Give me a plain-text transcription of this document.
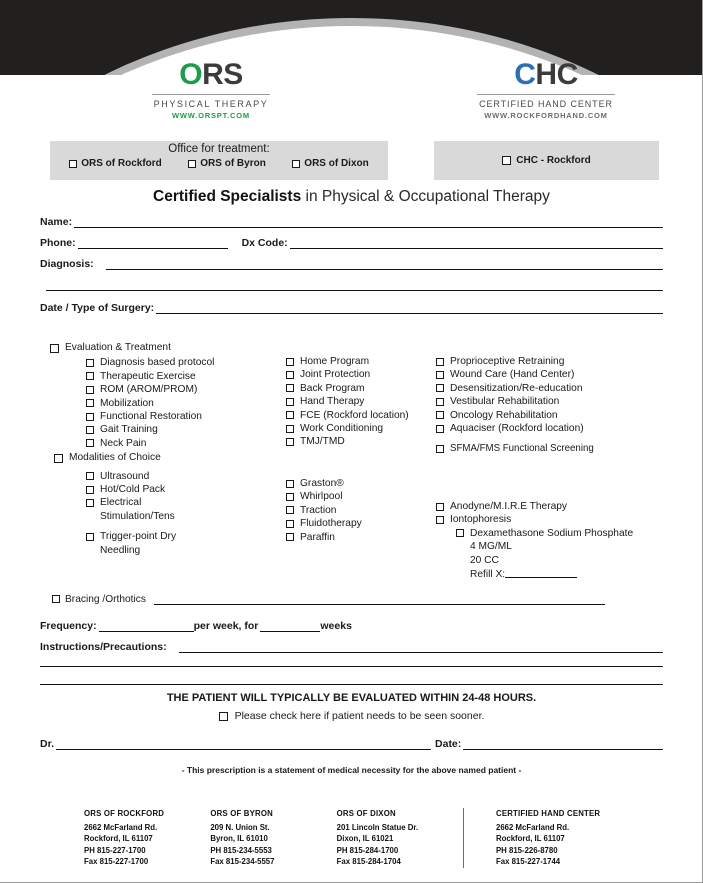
ORS
PHYSICAL THERAPY
WWW.ORSPT.COM
CHC
CERTIFIED HAND CENTER
WWW.ROCKFORDHAND.COM
Office for treatment:
ORS of Rockford	ORS of Byron	ORS of Dixon	CHC - Rockford
Certified Specialists in Physical & Occupational Therapy
Name:
Phone:	Dx Code:
Diagnosis:
Date / Type of Surgery:
Evaluation & Treatment
Diagnosis based protocol
Therapeutic Exercise
ROM (AROM/PROM)
Mobilization
Functional Restoration
Gait Training
Neck Pain
Modalities of Choice
Ultrasound
Hot/Cold Pack
Electrical Stimulation/Tens
Trigger-point Dry Needling
Home Program
Joint Protection
Back Program
Hand Therapy
FCE (Rockford location)
Work Conditioning
TMJ/TMD
Graston®
Whirlpool
Traction
Fluidotherapy
Paraffin
Proprioceptive Retraining
Wound Care (Hand Center)
Desensitization/Re-education
Vestibular Rehabilitation
Oncology Rehabilitation
Aquaciser (Rockford location)
SFMA/FMS Functional Screening
Anodyne/M.I.R.E Therapy
Iontophoresis
Dexamethasone Sodium Phosphate
4 MG/ML
20 CC
Refill X:
Bracing /Orthotics
Frequency:	per week, for	weeks
Instructions/Precautions:
THE PATIENT WILL TYPICALLY BE EVALUATED WITHIN 24-48 HOURS.
Please check here if patient needs to be seen sooner.
Dr.	Date:
- This prescription is a statement of medical necessity for the above named patient -
ORS OF ROCKFORD
2662 McFarland Rd.
Rockford, IL 61107
PH 815-227-1700
Fax 815-227-1700
ORS OF BYRON
209 N. Union St.
Byron, IL 61010
PH 815-234-5553
Fax 815-234-5557
ORS OF DIXON
201 Lincoln Statue Dr.
Dixon, IL 61021
PH 815-284-1700
Fax 815-284-1704
CERTIFIED HAND CENTER
2662 McFarland Rd.
Rockford, IL 61107
PH 815-226-8780
Fax 815-227-1744
